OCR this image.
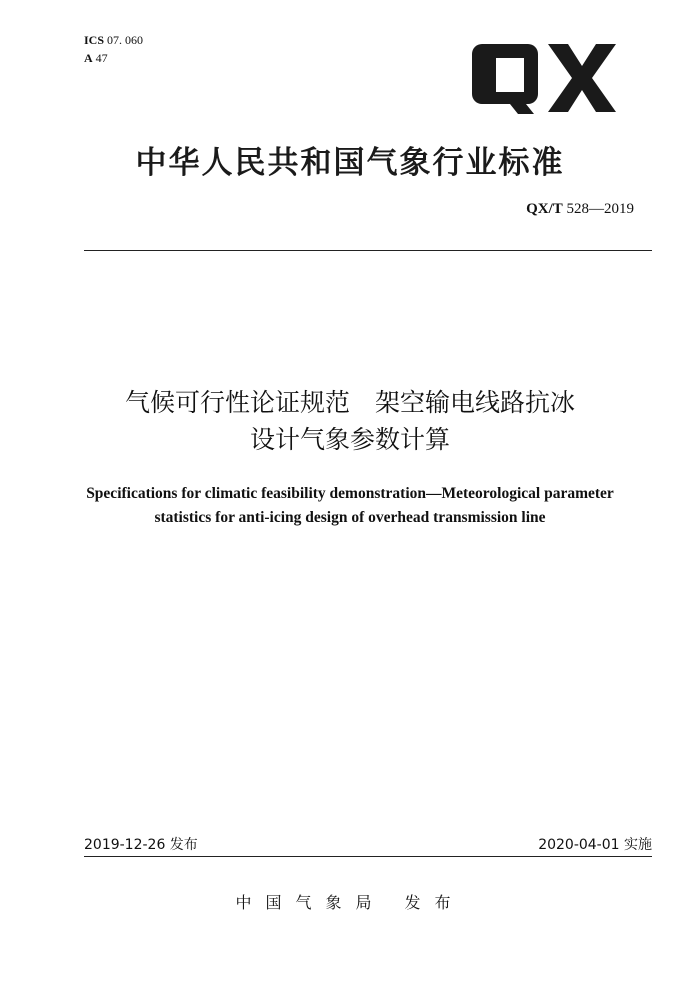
ICS 07. 060
A 47
中华人民共和国气象行业标准
QX/T 528—2019
气候可行性论证规范　架空输电线路抗冰
设计气象参数计算
Specifications for climatic feasibility demonstration—Meteorological parameter
statistics for anti-icing design of overhead transmission line
2019-12-26 发布	2020-04-01 实施
中国气象局 发布
